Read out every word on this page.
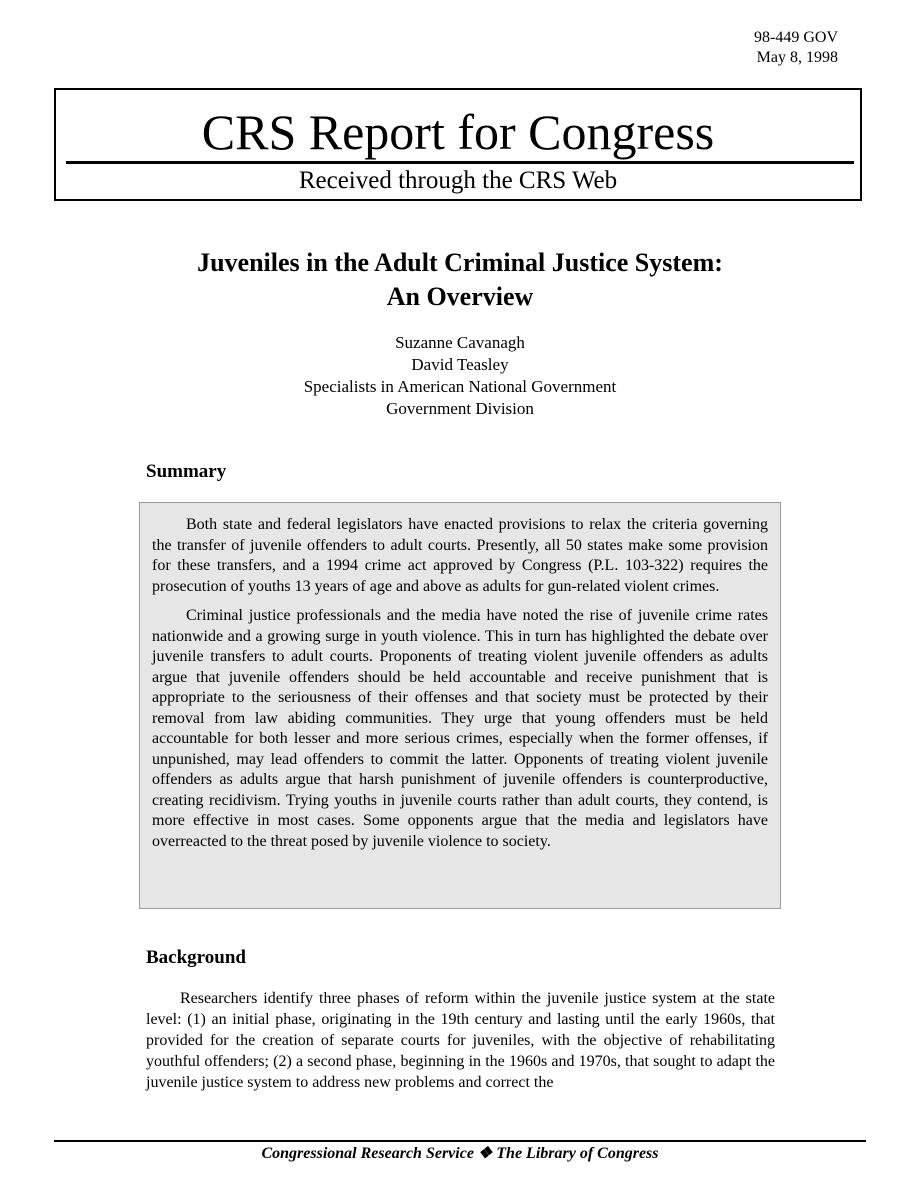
98-449 GOV
May 8, 1998
CRS Report for Congress
Received through the CRS Web
Juveniles in the Adult Criminal Justice System:
An Overview
Suzanne Cavanagh
David Teasley
Specialists in American National Government
Government Division
Summary

Both state and federal legislators have enacted provisions to relax the criteria governing the transfer of juvenile offenders to adult courts. Presently, all 50 states make some provision for these transfers, and a 1994 crime act approved by Congress (P.L. 103-322) requires the prosecution of youths 13 years of age and above as adults for gun-related violent crimes.

Criminal justice professionals and the media have noted the rise of juvenile crime rates nationwide and a growing surge in youth violence. This in turn has highlighted the debate over juvenile transfers to adult courts. Proponents of treating violent juvenile offenders as adults argue that juvenile offenders should be held accountable and receive punishment that is appropriate to the seriousness of their offenses and that society must be protected by their removal from law abiding communities. They urge that young offenders must be held accountable for both lesser and more serious crimes, especially when the former offenses, if unpunished, may lead offenders to commit the latter. Opponents of treating violent juvenile offenders as adults argue that harsh punishment of juvenile offenders is counterproductive, creating recidivism. Trying youths in juvenile courts rather than adult courts, they contend, is more effective in most cases. Some opponents argue that the media and legislators have overreacted to the threat posed by juvenile violence to society.

Background

Researchers identify three phases of reform within the juvenile justice system at the state level: (1) an initial phase, originating in the 19th century and lasting until the early 1960s, that provided for the creation of separate courts for juveniles, with the objective of rehabilitating youthful offenders; (2) a second phase, beginning in the 1960s and 1970s, that sought to adapt the juvenile justice system to address new problems and correct the

Congressional Research Service ❖ The Library of Congress
